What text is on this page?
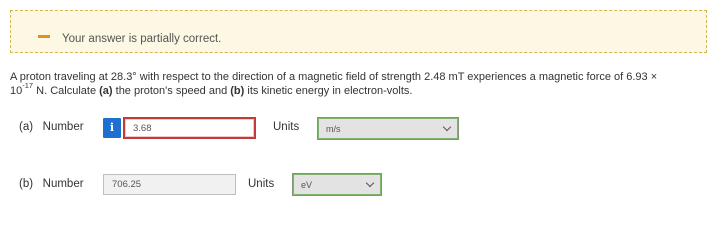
Your answer is partially correct.
A proton traveling at 28.3° with respect to the direction of a magnetic field of strength 2.48 mT experiences a magnetic force of 6.93 ×
$10^{-17}$ N. Calculate (a) the proton's speed and (b) its kinetic energy in electron-volts.
(a)   Number	i	3.68	Units	m/s
(b)   Number	706.25	Units	eV
